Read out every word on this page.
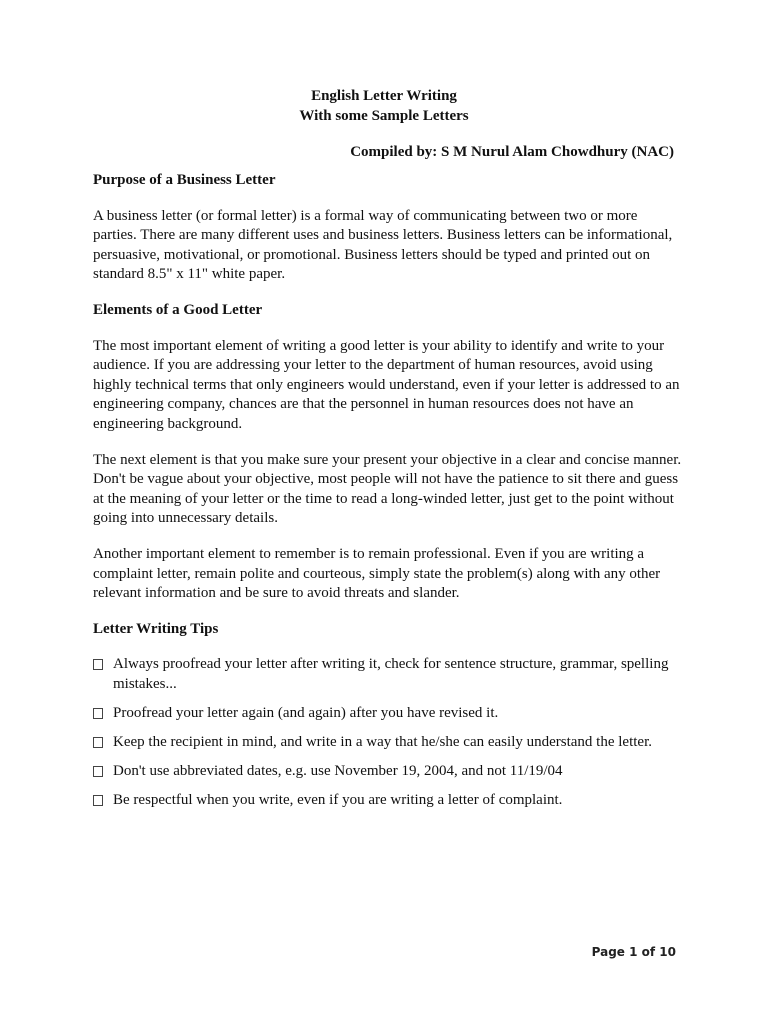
English Letter Writing
With some Sample Letters
Compiled by: S M Nurul Alam Chowdhury (NAC)

Purpose of a Business Letter

A business letter (or formal letter) is a formal way of communicating between two or more parties. There are many different uses and business letters. Business letters can be informational, persuasive, motivational, or promotional. Business letters should be typed and printed out on standard 8.5" x 11" white paper.

Elements of a Good Letter

The most important element of writing a good letter is your ability to identify and write to your audience. If you are addressing your letter to the department of human resources, avoid using highly technical terms that only engineers would understand, even if your letter is addressed to an engineering company, chances are that the personnel in human resources does not have an engineering background.

The next element is that you make sure your present your objective in a clear and concise manner. Don't be vague about your objective, most people will not have the patience to sit there and guess at the meaning of your letter or the time to read a long-winded letter, just get to the point without going into unnecessary details.

Another important element to remember is to remain professional. Even if you are writing a complaint letter, remain polite and courteous, simply state the problem(s) along with any other relevant information and be sure to avoid threats and slander.

Letter Writing Tips

Always proofread your letter after writing it, check for sentence structure, grammar, spelling mistakes...
Proofread your letter again (and again) after you have revised it.
Keep the recipient in mind, and write in a way that he/she can easily understand the letter.
Don't use abbreviated dates, e.g. use November 19, 2004, and not 11/19/04
Be respectful when you write, even if you are writing a letter of complaint.
Page 1 of 10
